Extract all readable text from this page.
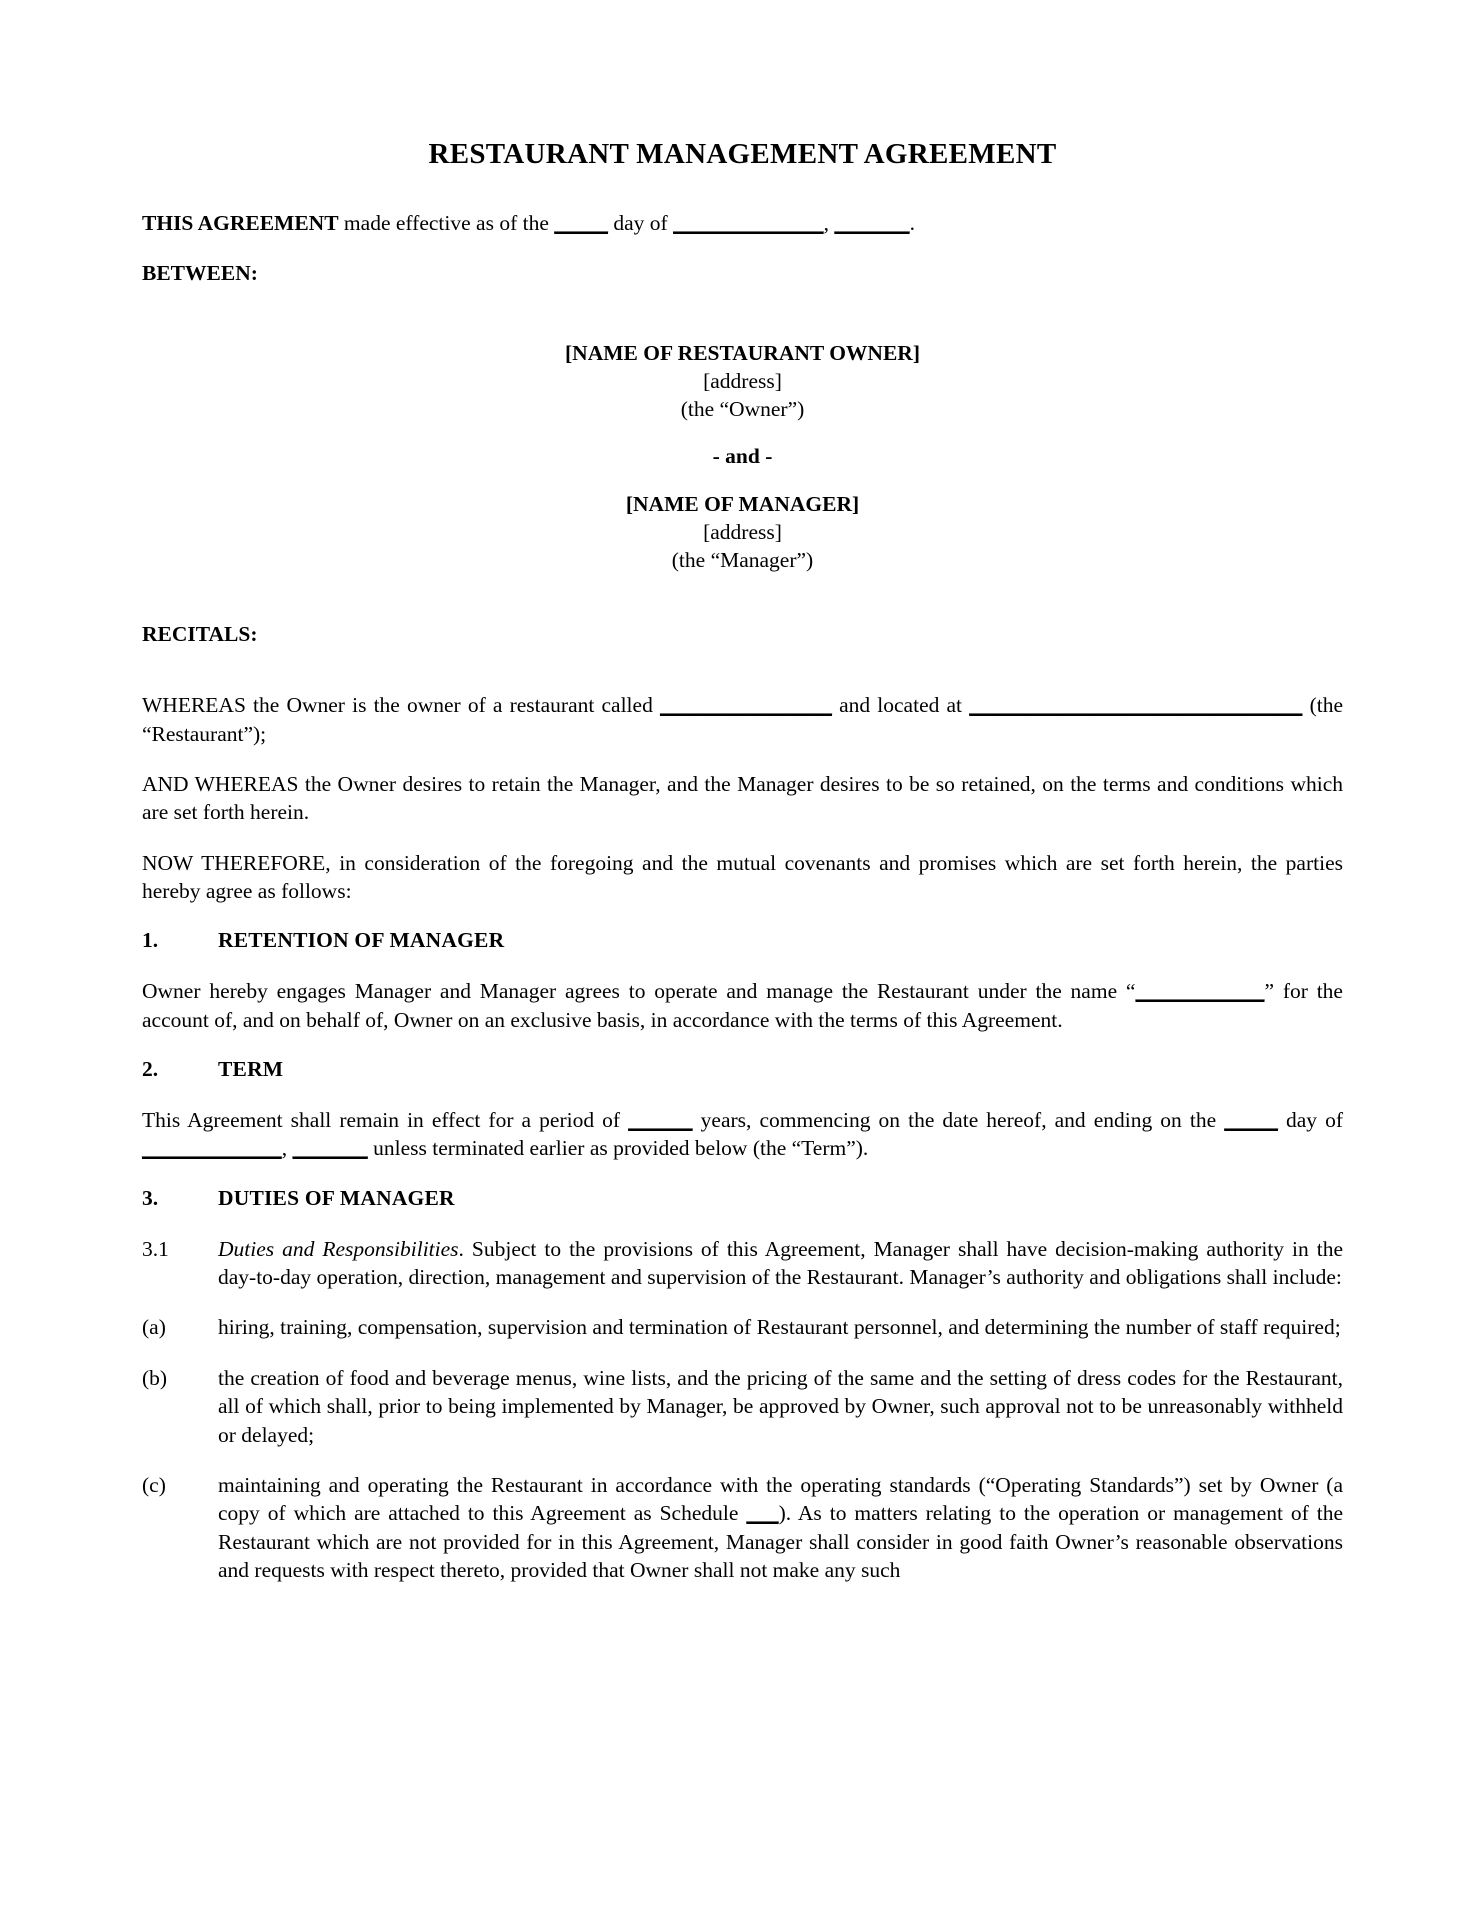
RESTAURANT MANAGEMENT AGREEMENT

THIS AGREEMENT made effective as of the _____ day of ______________, _______.

BETWEEN:

[NAME OF RESTAURANT OWNER]
[address]
(the “Owner”)
- and -
[NAME OF MANAGER]
[address]
(the “Manager”)

RECITALS:

WHEREAS the Owner is the owner of a restaurant called ________________ and located at _______________________________ (the “Restaurant”);

AND WHEREAS the Owner desires to retain the Manager, and the Manager desires to be so retained, on the terms and conditions which are set forth herein.

NOW THEREFORE, in consideration of the foregoing and the mutual covenants and promises which are set forth herein, the parties hereby agree as follows:

1.	RETENTION OF MANAGER

Owner hereby engages Manager and Manager agrees to operate and manage the Restaurant under the name “____________” for the account of, and on behalf of, Owner on an exclusive basis, in accordance with the terms of this Agreement.

2.	TERM

This Agreement shall remain in effect for a period of ______ years, commencing on the date hereof, and ending on the _____ day of _____________, _______ unless terminated earlier as provided below (the “Term”).

3.	DUTIES OF MANAGER
3.1	Duties and Responsibilities. Subject to the provisions of this Agreement, Manager shall have decision-making authority in the day-to-day operation, direction, management and supervision of the Restaurant. Manager’s authority and obligations shall include:
(a)	hiring, training, compensation, supervision and termination of Restaurant personnel, and determining the number of staff required;
(b)	the creation of food and beverage menus, wine lists, and the pricing of the same and the setting of dress codes for the Restaurant, all of which shall, prior to being implemented by Manager, be approved by Owner, such approval not to be unreasonably withheld or delayed;
(c)	maintaining and operating the Restaurant in accordance with the operating standards (“Operating Standards”) set by Owner (a copy of which are attached to this Agreement as Schedule ___). As to matters relating to the operation or management of the Restaurant which are not provided for in this Agreement, Manager shall consider in good faith Owner’s reasonable observations and requests with respect thereto, provided that Owner shall not make any such
